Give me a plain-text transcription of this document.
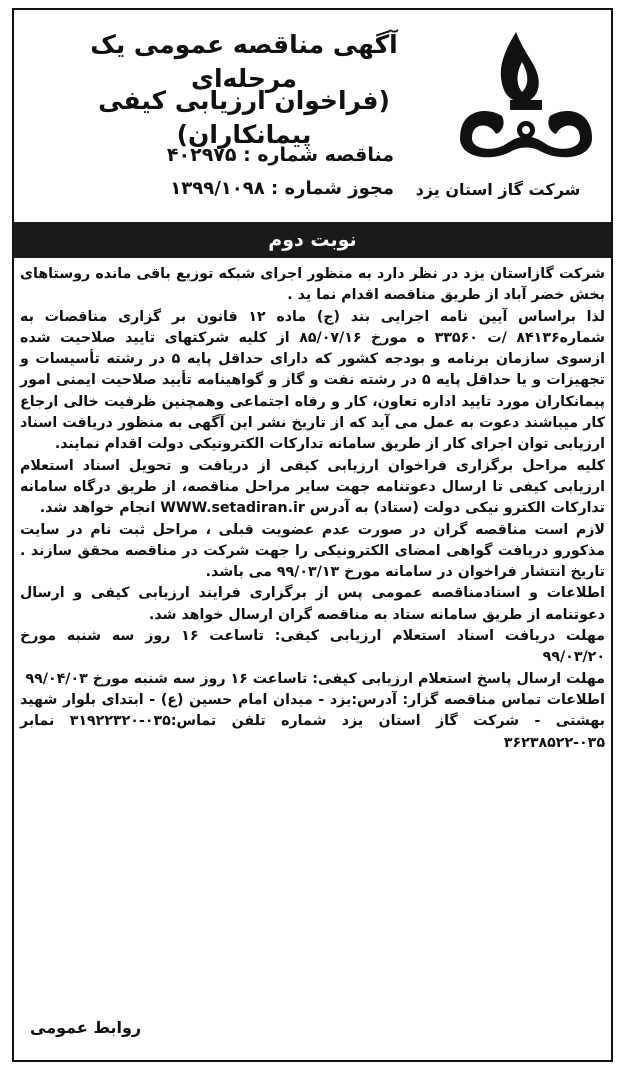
شرکت گاز استان یزد
آگهی مناقصه عمومی یک مرحله‌ای
(فراخوان ارزیابی کیفی پیمانکاران)
مناقصه شماره : ۴۰۲۹۷۵
مجوز شماره : ۱۳۹۹/۱۰۹۸
نوبت دوم

شرکت گازاستان یزد در نظر دارد به منظور اجرای شبکه توزیع باقی مانده روستاهای بخش خضر آباد از طریق مناقصه اقدام نما ید .

لذا براساس آیین نامه اجرایی بند (ج) ماده ۱۲ قانون بر گزاری مناقصات به شماره۸۴۱۳۶ /ت ۳۳۵۶۰ ه مورخ ۸۵/۰۷/۱۶ از کلیه شرکتهای تایید صلاحیت شده ازسوی سازمان برنامه و بودجه کشور که دارای حداقل پایه ۵ در رشته تأسیسات و تجهیزات و یا حداقل پایه ۵ در رشته نفت و گاز و گواهینامه تأیید صلاحیت ایمنی امور پیمانکاران مورد تایید اداره تعاون، کار و رفاه اجتماعی وهمچنین ظرفیت خالی ارجاع کار میباشند دعوت به عمل می آید که از تاریخ نشر این آگهی به منظور دریافت اسناد ارزیابی توان اجرای کار از طریق سامانه تدارکات الکترونیکی دولت اقدام نمایند.

کلیه مراحل برگزاری فراخوان ارزیابی کیفی از دریافت و تحویل اسناد استعلام ارزیابی کیفی تا ارسال دعوتنامه جهت سایر مراحل مناقصه، از طریق درگاه سامانه تدارکات الکترو نیکی دولت (ستاد) به آدرس WWW.setadiran.ir انجام خواهد شد.

لازم است مناقصه گران در صورت عدم عضویت قبلی ، مراحل ثبت نام در سایت مذکورو دریافت گواهی امضای الکترونیکی را جهت شرکت در مناقصه محقق سازند . تاریخ انتشار فراخوان در سامانه مورخ ۹۹/۰۳/۱۳ می باشد.

اطلاعات و اسنادمناقصه عمومی پس از برگزاری فرایند ارزیابی کیفی و ارسال دعوتنامه از طریق سامانه ستاد به مناقصه گران ارسال خواهد شد.

مهلت دریافت اسناد استعلام ارزیابی کیفی: تاساعت ۱۶ روز سه شنبه مورخ ۹۹/۰۳/۲۰

مهلت ارسال پاسخ استعلام ارزیابی کیفی: تاساعت ۱۶ روز سه شنبه مورخ ۹۹/۰۴/۰۳

اطلاعات تماس مناقصه گزار: آدرس:یزد - میدان امام حسین (ع) - ابتدای بلوار شهید بهشتی - شرکت گاز استان یزد شماره تلفن تماس:۰۳۵-۳۱۹۲۲۳۲۰ نمابر ۰۳۵-۳۶۲۳۸۵۲۲

روابط عمومی
